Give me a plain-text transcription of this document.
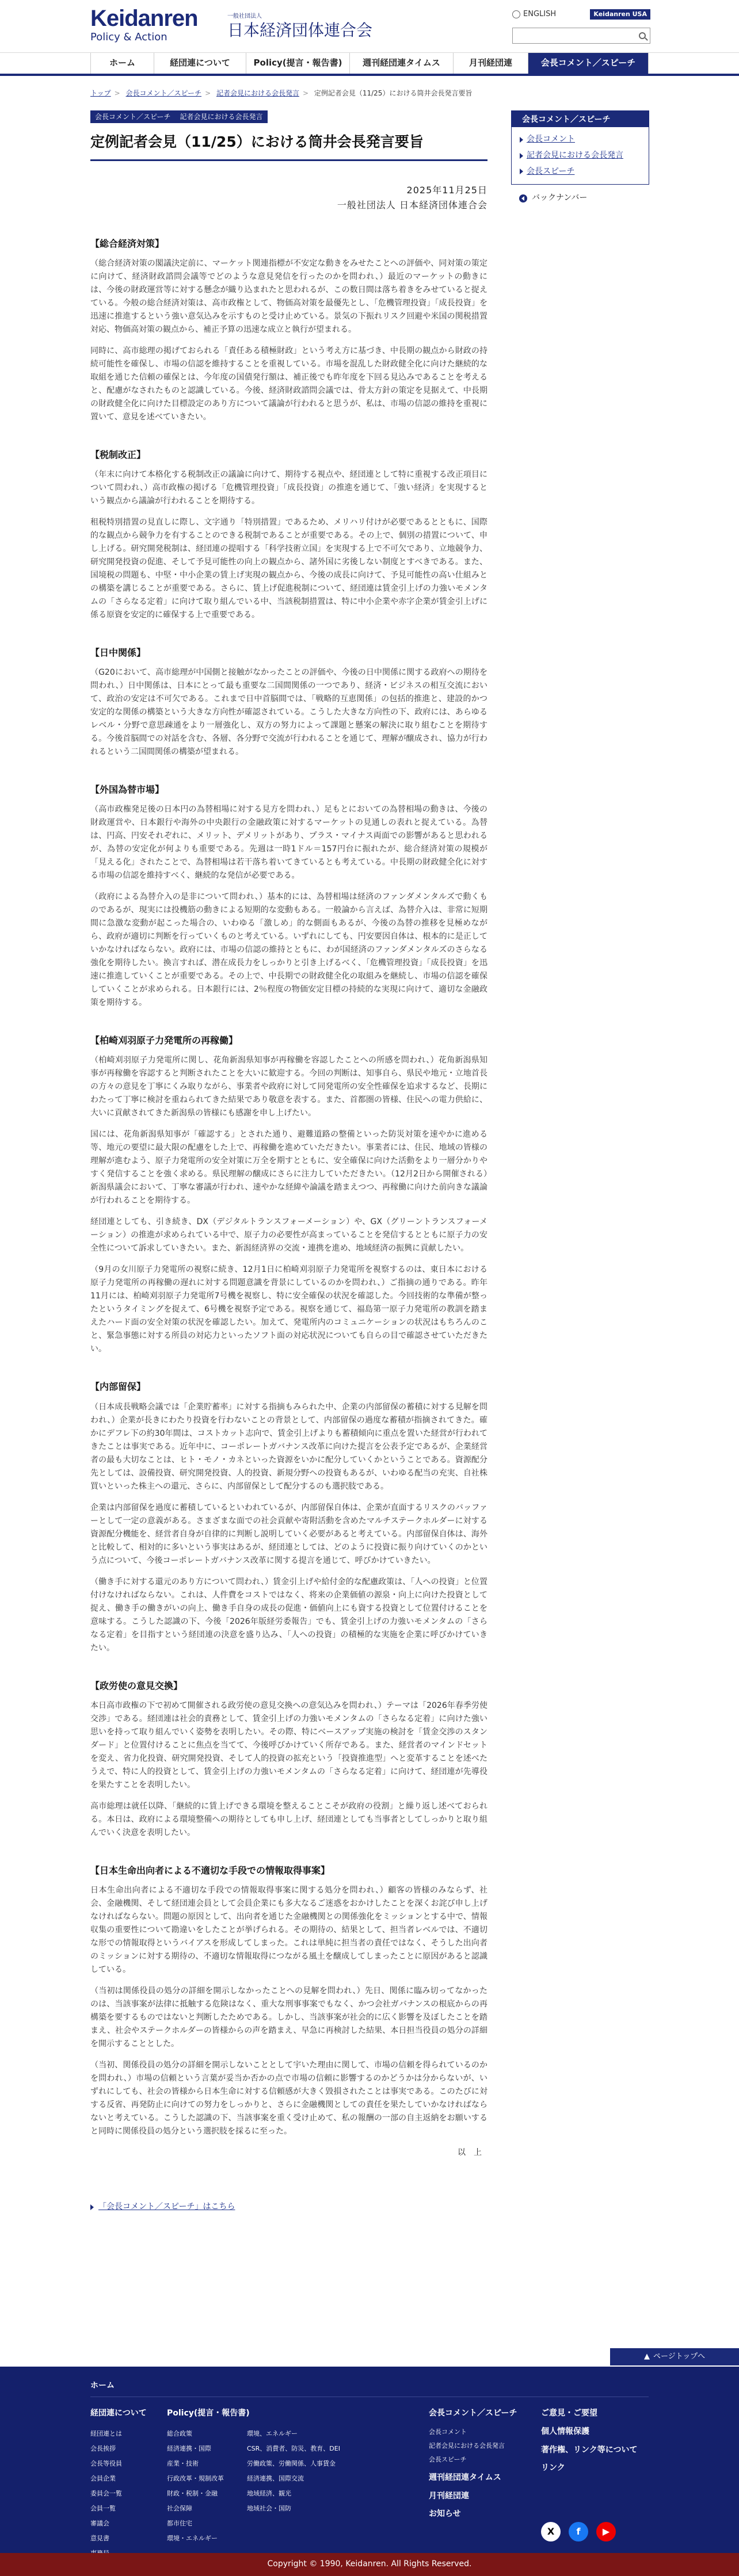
Keidanren
Policy & Action
一般社団法人
日本経済団体連合会
ENGLISH	Keidanren USA
ホーム	経団連について	Policy(提言・報告書)	週刊経団連タイムス	月刊経団連	会長コメント／スピーチ
トップ > 会長コメント／スピーチ > 記者会見における会長発言 > 定例記者会見（11/25）における筒井会長発言要旨
会長コメント／スピーチ	記者会見における会長発言
定例記者会見（11/25）における筒井会長発言要旨
2025年11月25日
一般社団法人 日本経済団体連合会
【総合経済対策】

（総合経済対策の閣議決定前に、マーケット関連指標が不安定な動きをみせたことへの評価や、同対策の策定に向けて、経済財政諮問会議等でどのような意見発信を行ったのかを問われ、）最近のマーケットの動きには、今後の財政運営等に対する懸念が織り込まれたと思われるが、この数日間は落ち着きをみせていると捉えている。今般の総合経済対策は、高市政権として、物価高対策を最優先とし、「危機管理投資」「成長投資」を迅速に推進するという強い意気込みを示すものと受け止めている。景気の下振れリスク回避や米国の関税措置対応、物価高対策の観点から、補正予算の迅速な成立と執行が望まれる。

同時に、高市総理の掲げておられる「責任ある積極財政」という考え方に基づき、中長期の観点から財政の持続可能性を確保し、市場の信認を維持することを重視している。市場を混乱した財政健全化に向けた継続的な取組を通じた信頼の確保とは、今年度の国債発行額は、補正後でも昨年度を下回る見込みであることを考えると、配慮がなされたものと認識している。今後、経済財政諮問会議では、骨太方針の策定を見据えて、中長期の財政健全化に向けた目標設定のあり方について議論が行われると思うが、私は、市場の信認の維持を重視に置いて、意見を述べていきたい。

【税制改正】

（年末に向けて本格化する税制改正の議論に向けて、期待する視点や、経団連として特に重視する改正項目について問われ、）高市政権の掲げる「危機管理投資」「成長投資」の推進を通じて、「強い経済」を実現するという観点から議論が行われることを期待する。

租税特別措置の見直しに際し、文字通り「特別措置」であるため、メリハリ付けが必要であるとともに、国際的な観点から競争力を有することのできる税制であることが重要である。その上で、個別の措置について、申し上げる。研究開発税制は、経団連の提唱する「科学技術立国」を実現する上で不可欠であり、立地競争力、研究開発投資の促進、そして予見可能性の向上の観点から、諸外国に劣後しない制度とすべきである。また、国境税の問題も、中堅・中小企業の賃上げ実現の観点から、今後の成長に向けて、予見可能性の高い仕組みとの構築を講じることが重要である。さらに、賃上げ促進税制について、経団連は賃金引上げの力強いモメンタムの「さらなる定着」に向けて取り組んでいる中、当該税制措置は、特に中小企業や赤字企業が賃金引上げに係る原資を安定的に確保する上で重要である。

【日中関係】

（G20において、高市総理が中国側と接触がなかったことの評価や、今後の日中関係に関する政府への期待を問われ、）日中関係は、日本にとって最も重要な二国間関係の一つであり、経済・ビジネスの相互交流において、政治の安定は不可欠である。これまで日中首脳間では、「戦略的互恵関係」の包括的推進と、建設的かつ安定的な関係の構築という大きな方向性が確認されている。こうした大きな方向性の下、政府には、あらゆるレベル・分野で意思疎通をより一層強化し、双方の努力によって課題と懸案の解決に取り組むことを期待する。今後首脳間での対話を含む、各層、各分野で交流が行われることを通じて、理解が醸成され、協力が行われるという二国間関係の構築が望まれる。

【外国為替市場】

（高市政権発足後の日本円の為替相場に対する見方を問われ、）足もとにおいての為替相場の動きは、今後の財政運営や、日本銀行や海外の中央銀行の金融政策に対するマーケットの見通しの表れと捉えている。為替は、円高、円安それぞれに、メリット、デメリットがあり、プラス・マイナス両面での影響があると思われるが、為替の安定化が何よりも重要である。先週は一時1ドル＝157円台に振れたが、総合経済対策の規模が「見える化」されたことで、為替相場は若干落ち着いてきているとも考えている。中長期の財政健全化に対する市場の信認を維持すべく、継続的な発信が必要である。

（政府による為替介入の是非について問われ、）基本的には、為替相場は経済のファンダメンタルズで動くものであるが、現実には投機筋の動きによる短期的な変動もある。一般論から言えば、為替介入は、非常に短期間に急激な変動が起こった場合の、いわゆる「激しめ」的な側面もあるが、今後の為替の推移を見極めながら、政府が適切に判断を行っていくものと考えている。いずれにしても、円安要因自体は、根本的に是正していかなければならない。政府には、市場の信認の維持とともに、わが国経済のファンダメンタルズのさらなる強化を期待したい。換言すれば、潜在成長力をしっかりと引き上げるべく、「危機管理投資」「成長投資」を迅速に推進していくことが重要である。その上で、中長期での財政健全化の取組みを継続し、市場の信認を確保していくことが求められる。日本銀行には、2％程度の物価安定目標の持続的な実現に向けて、適切な金融政策を期待する。

【柏崎刈羽原子力発電所の再稼働】

（柏崎刈羽原子力発電所に関し、花角新潟県知事が再稼働を容認したことへの所感を問われ、）花角新潟県知事が再稼働を容認すると判断されたことを大いに歓迎する。今回の判断は、知事自ら、県民や地元・立地首長の方々の意見を丁寧にくみ取りながら、事業者や政府に対して同発電所の安全性確保を追求するなど、長期にわたって丁寧に検討を重ねられてきた結果であり敬意を表する。また、首都圏の皆様、住民への電力供給に、大いに貢献されてきた新潟県の皆様にも感謝を申し上げたい。

国には、花角新潟県知事が「確認する」とされた通り、避難道路の整備といった防災対策を速やかに進める等、地元の要望に最大限の配慮をした上で、再稼働を進めていただきたい。事業者には、住民、地域の皆様の理解が進むよう、原子力発電所の安全対策に万全を期すとともに、安全確保に向けた活動をより一層分かりやすく発信することを強く求める。県民理解の醸成にさらに注力していただきたい。（12月2日から開催される）新潟県議会において、丁寧な審議が行われ、速やかな経緯や論議を踏まえつつ、再稼働に向けた前向きな議論が行われることを期待する。

経団連としても、引き続き、DX（デジタルトランスフォーメーション）や、GX（グリーントランスフォーメーション）の推進が求められている中で、原子力の必要性が高まっていることを発信するとともに原子力の安全性について訴求していきたい。また、新潟経済界の交流・連携を進め、地域経済の振興に貢献したい。

（9月の女川原子力発電所の視察に続き、12月1日に柏崎刈羽原子力発電所を視察するのは、東日本における原子力発電所の再稼働の遅れに対する問題意識を背景にしているのかを問われ、）ご指摘の通りである。昨年11月には、柏崎刈羽原子力発電所7号機を視察し、特に安全確保の状況を確認した。今回技術的な準備が整ったというタイミングを捉えて、6号機を視察予定である。視察を通じて、福島第一原子力発電所の教訓を踏まえたハード面の安全対策の状況を確認したい。加えて、発電所内のコミュニケーションの状況はもちろんのこと、緊急事態に対する所員の対応力といったソフト面の対応状況についても自らの目で確認させていただきたい。

【内部留保】

（日本成長戦略会議では「企業貯蓄率」に対する指摘もみられた中、企業の内部留保の蓄積に対する見解を問われ、）企業が長きにわたり投資を行わないことの背景として、内部留保の過度な蓄積が指摘されてきた。確かにデフレ下の約30年間は、コストカット志向で、賃金引上げよりも蓄積傾向に重点を置いた経営が行われてきたことは事実である。近年中に、コーポレートガバナンス改革に向けた提言を公表予定であるが、企業経営者の最も大切なことは、ヒト・モノ・カネといった資源をいかに配分していくかということである。資源配分先としては、設備投資、研究開発投資、人的投資、新規分野への投資もあるが、いわゆる配当の充実、自社株買いといった株主への還元、さらに、内部留保として配分するのも選択肢である。

企業は内部留保を過度に蓄積しているといわれているが、内部留保自体は、企業が直面するリスクのバッファーとして一定の意義がある。さまざまな面での社会貢献や寄附活動を含めたマルチステークホルダーに対する資源配分機能を、経営者自身が自律的に判断し説明していく必要があると考えている。内部留保自体は、海外と比較して、相対的に多いという事実はあるが、経団連としては、どのように投資に振り向けていくのかという点について、今後コーポレートガバナンス改革に関する提言を通じて、呼びかけていきたい。

（働き手に対する還元のあり方について問われ、）賃金引上げや給付金的な配慮政策は、「人への投資」と位置付けなければならない。これは、人件費をコストではなく、将来の企業価値の源泉・向上に向けた投資として捉え、働き手の働きがいの向上、働き手自身の成長の促進・価値向上にも資する投資として位置付けることを意味する。こうした認識の下、今後「2026年版経労委報告」でも、賃金引上げの力強いモメンタムの「さらなる定着」を目指すという経団連の決意を盛り込み、「人への投資」の積極的な実施を企業に呼びかけていきたい。

【政労使の意見交換】

本日高市政権の下で初めて開催される政労使の意見交換への意気込みを問われ、）テーマは「2026年春季労使交渉」である。経団連は社会的責務として、賃金引上げの力強いモメンタムの「さらなる定着」に向けた強い思いを持って取り組んでいく姿勢を表明したい。その際、特にベースアップ実施の検討を「賃金交渉のスタンダード」と位置付けることに焦点を当てて、今後呼びかけていく所存である。また、経営者のマインドセットを変え、省力化投資、研究開発投資、そして人的投資の拡充という「投資推進型」へと変革することを述べたうえで、特に人的投資として、賃金引上げの力強いモメンタムの「さらなる定着」に向けて、経団連が先導役を果たすことを表明したい。

高市総理は就任以降、「継続的に賃上げできる環境を整えることこそが政府の役割」と繰り返し述べておられる。本日は、政府による環境整備への期待としても申し上げ、経団連としても当事者としてしっかりと取り組んでいく決意を表明したい。

【日本生命出向者による不適切な手段での情報取得事案】

日本生命出向者による不適切な手段での情報取得事案に関する処分を問われ、）顧客の皆様のみならず、社会、金融機関、そして経団連会員として会員企業にも多大なるご迷惑をおかけしたことを深くお詫び申し上げなければならない。問題の原因として、出向者を通じた金融機関との関係強化をミッションとする中で、情報収集の重要性について勘違いをしたことが挙げられる。その期待の、結果として、担当者レベルでは、不適切な形での情報取得というバイアスを形成してしまった。これは単純に担当者の責任ではなく、そうした出向者のミッションに対する期待の、不適切な情報取得につながる風土を醸成してしまったことに原因があると認識している。

（当初は関係役員の処分の詳細を開示しなかったことへの見解を問われ、）先日、関係に臨み切ってなかったのは、当該事案が法律に抵触する危険はなく、重大な刑事事案でもなく、かつ会社ガバナンスの根底からの再構築を要するものではないと判断したためである。しかし、当該事案が社会的に広く影響を及ぼしたことを踏まえ、社会やステークホルダーの皆様からの声を踏まえ、早急に再検討した結果、本日担当役員の処分の詳細を開示することとした。

（当初、関係役員の処分の詳細を開示しないこととして宇いた理由に関して、市場の信頼を得られているのかを問われ、）市場の信頼という言葉が妥当か否かの点で市場の信頼に影響するのかどうかは分からないが、いずれにしても、社会の皆様から日本生命に対する信頼感が大きく毀損されたことは事実である。このたびに対する反省、再発防止に向けての努力をしっかりと、さらに金融機関としての責任を果たしていかなければならないと考えている。こうした認識の下、当該事案を重く受け止めて、私の報酬の一部の自主返納をお願いすると同時に関係役員の処分という選択肢を採るに至った。

以　上
「会長コメント／スピーチ」はこちら
会長コメント／スピーチ
会長コメント
記者会見における会長発言
会長スピーチ
バックナンバー
▲ ページトップへ
ホーム
経団連について
経団連とは
会長挨拶
会長等役員
会員企業
委員会一覧
会員一覧
審議会
意見書
Policy(提言・報告書)
総合政策
経済連携・国際
産業・技術
行政改革・規制改革
財政・税制・金融
社会保障
都市住宅
環境・エネルギー
環境、エネルギー
CSR、消費者、防災、教育、DEI
労働政策、労働関係、人事賃金
経済連携、国際交流
地域経済、観光
地域社会・国防
会長コメント／スピーチ
会長コメント
記者会見における会長発言
会長スピーチ
週刊経団連タイムス
月刊経団連
お知らせ
ご意見・ご要望
個人情報保護
著作権、リンク等について
リンク
X	f	▶
Copyright © 1990, Keidanren. All Rights Reserved.
